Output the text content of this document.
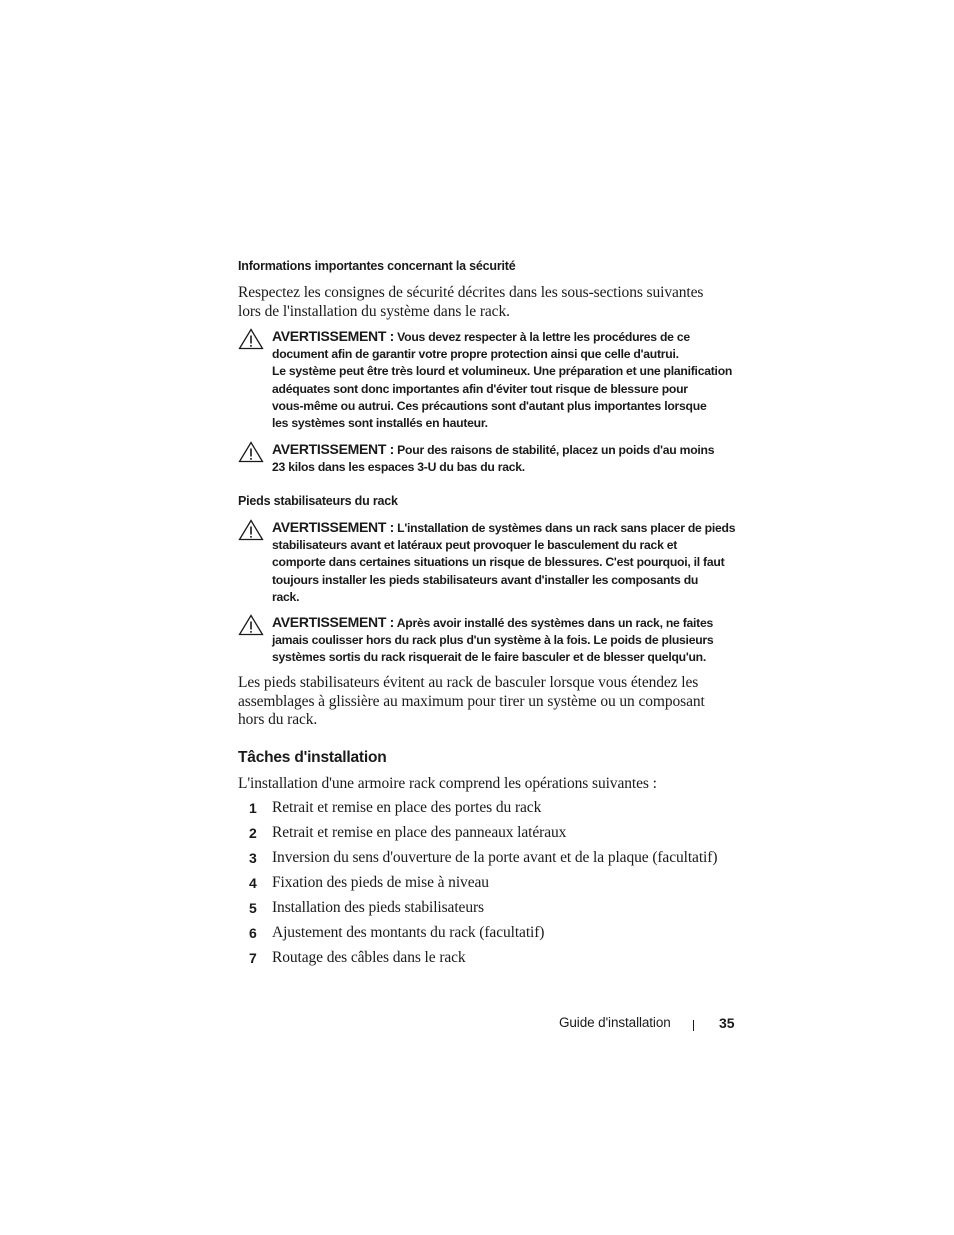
Informations importantes concernant la sécurité
Respectez les consignes de sécurité décrites dans les sous-sections suivantes
lors de l'installation du système dans le rack.
AVERTISSEMENT : Vous devez respecter à la lettre les procédures de ce
document afin de garantir votre propre protection ainsi que celle d'autrui.
Le système peut être très lourd et volumineux. Une préparation et une planification
adéquates sont donc importantes afin d'éviter tout risque de blessure pour
vous-même ou autrui. Ces précautions sont d'autant plus importantes lorsque
les systèmes sont installés en hauteur.
AVERTISSEMENT : Pour des raisons de stabilité, placez un poids d'au moins
23 kilos dans les espaces 3-U du bas du rack.
Pieds stabilisateurs du rack
AVERTISSEMENT : L'installation de systèmes dans un rack sans placer de pieds
stabilisateurs avant et latéraux peut provoquer le basculement du rack et
comporte dans certaines situations un risque de blessures. C'est pourquoi, il faut
toujours installer les pieds stabilisateurs avant d'installer les composants du
rack.
AVERTISSEMENT : Après avoir installé des systèmes dans un rack, ne faites
jamais coulisser hors du rack plus d'un système à la fois. Le poids de plusieurs
systèmes sortis du rack risquerait de le faire basculer et de blesser quelqu'un.
Les pieds stabilisateurs évitent au rack de basculer lorsque vous étendez les
assemblages à glissière au maximum pour tirer un système ou un composant
hors du rack.
Tâches d'installation
L'installation d'une armoire rack comprend les opérations suivantes :
1 Retrait et remise en place des portes du rack
2 Retrait et remise en place des panneaux latéraux
3 Inversion du sens d'ouverture de la porte avant et de la plaque (facultatif)
4 Fixation des pieds de mise à niveau
5 Installation des pieds stabilisateurs
6 Ajustement des montants du rack (facultatif)
7 Routage des câbles dans le rack
Guide d'installation	35
